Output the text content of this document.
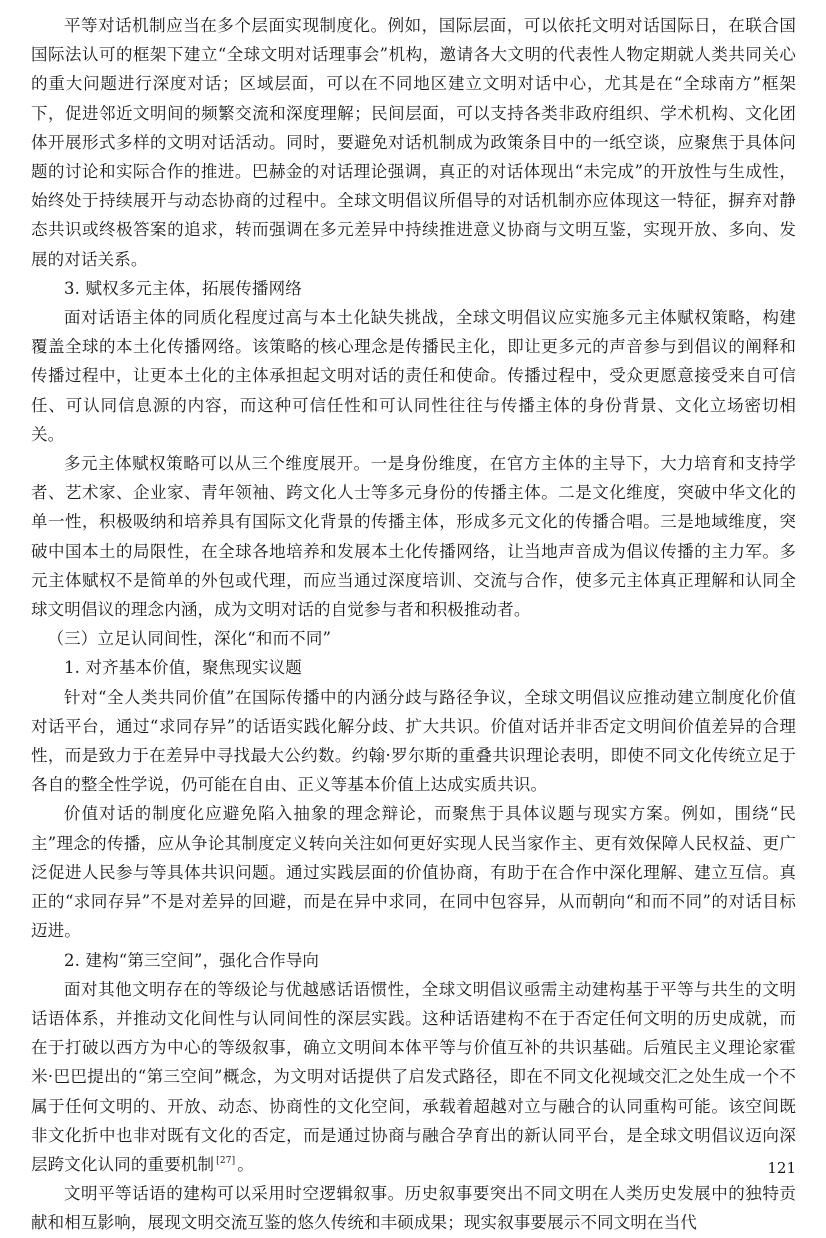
平等对话机制应当在多个层面实现制度化。例如，国际层面，可以依托文明对话国际日，在联合国国际法认可的框架下建立“全球文明对话理事会”机构，邀请各大文明的代表性人物定期就人类共同关心的重大问题进行深度对话；区域层面，可以在不同地区建立文明对话中心，尤其是在“全球南方”框架下，促进邻近文明间的频繁交流和深度理解；民间层面，可以支持各类非政府组织、学术机构、文化团体开展形式多样的文明对话活动。同时，要避免对话机制成为政策条目中的一纸空谈，应聚焦于具体问题的讨论和实际合作的推进。巴赫金的对话理论强调，真正的对话体现出“未完成”的开放性与生成性，始终处于持续展开与动态协商的过程中。全球文明倡议所倡导的对话机制亦应体现这一特征，摒弃对静态共识或终极答案的追求，转而强调在多元差异中持续推进意义协商与文明互鉴，实现开放、多向、发展的对话关系。

3. 赋权多元主体，拓展传播网络

面对话语主体的同质化程度过高与本土化缺失挑战，全球文明倡议应实施多元主体赋权策略，构建覆盖全球的本土化传播网络。该策略的核心理念是传播民主化，即让更多元的声音参与到倡议的阐释和传播过程中，让更本土化的主体承担起文明对话的责任和使命。传播过程中，受众更愿意接受来自可信任、可认同信息源的内容，而这种可信任性和可认同性往往与传播主体的身份背景、文化立场密切相关。

多元主体赋权策略可以从三个维度展开。一是身份维度，在官方主体的主导下，大力培育和支持学者、艺术家、企业家、青年领袖、跨文化人士等多元身份的传播主体。二是文化维度，突破中华文化的单一性，积极吸纳和培养具有国际文化背景的传播主体，形成多元文化的传播合唱。三是地域维度，突破中国本土的局限性，在全球各地培养和发展本土化传播网络，让当地声音成为倡议传播的主力军。多元主体赋权不是简单的外包或代理，而应当通过深度培训、交流与合作，使多元主体真正理解和认同全球文明倡议的理念内涵，成为文明对话的自觉参与者和积极推动者。

（三）立足认同间性，深化“和而不同”

1. 对齐基本价值，聚焦现实议题

针对“全人类共同价值”在国际传播中的内涵分歧与路径争议，全球文明倡议应推动建立制度化价值对话平台，通过“求同存异”的话语实践化解分歧、扩大共识。价值对话并非否定文明间价值差异的合理性，而是致力于在差异中寻找最大公约数。约翰·罗尔斯的重叠共识理论表明，即使不同文化传统立足于各自的整全性学说，仍可能在自由、正义等基本价值上达成实质共识。

价值对话的制度化应避免陷入抽象的理念辩论，而聚焦于具体议题与现实方案。例如，围绕“民主”理念的传播，应从争论其制度定义转向关注如何更好实现人民当家作主、更有效保障人民权益、更广泛促进人民参与等具体共识问题。通过实践层面的价值协商，有助于在合作中深化理解、建立互信。真正的“求同存异”不是对差异的回避，而是在异中求同，在同中包容异，从而朝向“和而不同”的对话目标迈进。

2. 建构“第三空间”，强化合作导向

面对其他文明存在的等级论与优越感话语惯性，全球文明倡议亟需主动建构基于平等与共生的文明话语体系，并推动文化间性与认同间性的深层实践。这种话语建构不在于否定任何文明的历史成就，而在于打破以西方为中心的等级叙事，确立文明间本体平等与价值互补的共识基础。后殖民主义理论家霍米·巴巴提出的“第三空间”概念，为文明对话提供了启发式路径，即在不同文化视域交汇之处生成一个不属于任何文明的、开放、动态、协商性的文化空间，承载着超越对立与融合的认同重构可能。该空间既非文化折中也非对既有文化的否定，而是通过协商与融合孕育出的新认同平台，是全球文明倡议迈向深层跨文化认同的重要机制 [27] 。

文明平等话语的建构可以采用时空逻辑叙事。历史叙事要突出不同文明在人类历史发展中的独特贡献和相互影响，展现文明交流互鉴的悠久传统和丰硕成果；现实叙事要展示不同文明在当代

121
